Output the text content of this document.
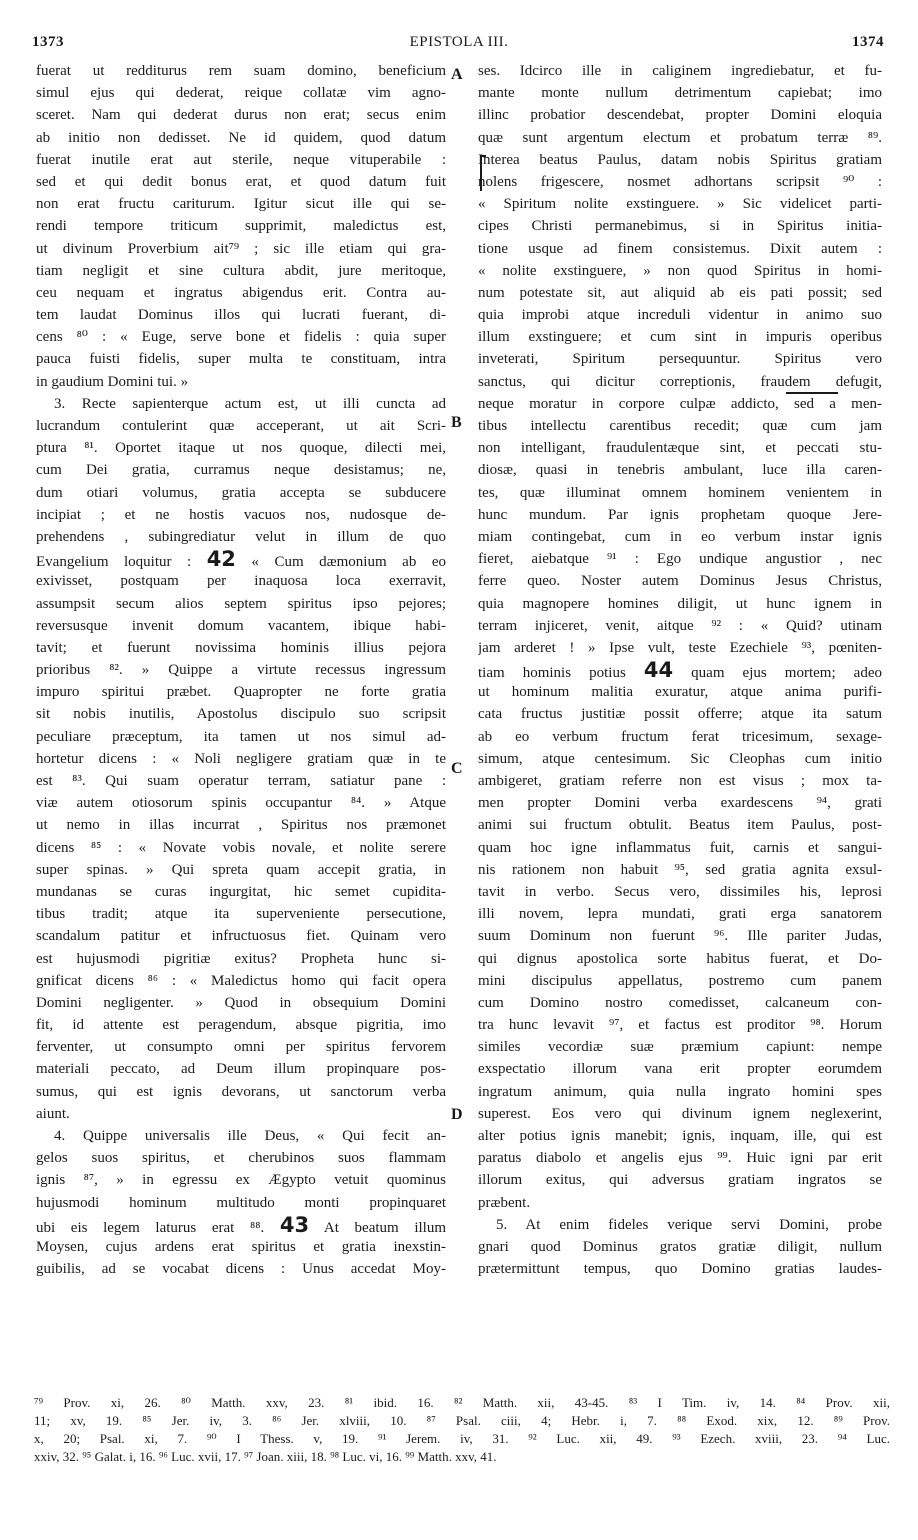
EPISTOLA III.
1373	1374
fuerat ut redditurus rem suam domino, beneficium
simul ejus qui dederat, reique collatæ vim agno-
sceret. Nam qui dederat durus non erat; secus enim
ab initio non dedisset. Ne id quidem, quod datum
fuerat inutile erat aut sterile, neque vituperabile :
sed et qui dedit bonus erat, et quod datum fuit
non erat fructu cariturum. Igitur sicut ille qui se-
rendi tempore triticum supprimit, maledictus est,
ut divinum Proverbium ait⁷⁹ ; sic ille etiam qui gra-
tiam negligit et sine cultura abdit, jure meritoque,
ceu nequam et ingratus abigendus erit. Contra au-
tem laudat Dominus illos qui lucrati fuerant, di-
cens ⁸⁰ : « Euge, serve bone et fidelis : quia super
pauca fuisti fidelis, super multa te constituam, intra
in gaudium Domini tui. »
3. Recte sapienterque actum est, ut illi cuncta ad
lucrandum contulerint quæ acceperant, ut ait Scri-
ptura ⁸¹. Oportet itaque ut nos quoque, dilecti mei,
cum Dei gratia, curramus neque desistamus; ne,
dum otiari volumus, gratia accepta se subducere
incipiat ; et ne hostis vacuos nos, nudosque de-
prehendens , subingrediatur velut in illum de quo
Evangelium loquitur : 42 « Cum dæmonium ab eo
exivisset, postquam per inaquosa loca exerravit,
assumpsit secum alios septem spiritus ipso pejores;
reversusque invenit domum vacantem, ibique habi-
tavit; et fuerunt novissima hominis illius pejora
prioribus ⁸². » Quippe a virtute recessus ingressum
impuro spiritui præbet. Quapropter ne forte gratia
sit nobis inutilis, Apostolus discipulo suo scripsit
peculiare præceptum, ita tamen ut nos simul ad-
hortetur dicens : « Noli negligere gratiam quæ in te
est ⁸³. Qui suam operatur terram, satiatur pane :
viæ autem otiosorum spinis occupantur ⁸⁴. » Atque
ut nemo in illas incurrat , Spiritus nos præmonet
dicens ⁸⁵ : « Novate vobis novale, et nolite serere
super spinas. » Qui spreta quam accepit gratia, in
mundanas se curas ingurgitat, hic semet cupidita-
tibus tradit; atque ita superveniente persecutione,
scandalum patitur et infructuosus fiet. Quinam vero
est hujusmodi pigritiæ exitus? Propheta hunc si-
gnificat dicens ⁸⁶ : « Maledictus homo qui facit opera
Domini negligenter. » Quod in obsequium Domini
fit, id attente est peragendum, absque pigritia, imo
ferventer, ut consumpto omni per spiritus fervorem
materiali peccato, ad Deum illum propinquare pos-
sumus, qui est ignis devorans, ut sanctorum verba
aiunt.
4. Quippe universalis ille Deus, « Qui fecit an-
gelos suos spiritus, et cherubinos suos flammam
ignis ⁸⁷, » in egressu ex Ægypto vetuit quominus
hujusmodi hominum multitudo monti propinquaret
ubi eis legem laturus erat ⁸⁸. 43 At beatum illum
Moysen, cujus ardens erat spiritus et gratia inexstin-
guibilis, ad se vocabat dicens : Unus accedat Moy-
ses. Idcirco ille in caliginem ingrediebatur, et fu-
mante monte nullum detrimentum capiebat; imo
illinc probatior descendebat, propter Domini eloquia
quæ sunt argentum electum et probatum terræ ⁸⁹.
Interea beatus Paulus, datam nobis Spiritus gratiam
nolens frigescere, nosmet adhortans scripsit ⁹⁰ :
« Spiritum nolite exstinguere. » Sic videlicet parti-
cipes Christi permanebimus, si in Spiritus initia-
tione usque ad finem consistemus. Dixit autem :
« nolite exstinguere, » non quod Spiritus in homi-
num potestate sit, aut aliquid ab eis pati possit; sed
quia improbi atque increduli videntur in animo suo
illum exstinguere; et cum sint in impuris operibus
inveterati, Spiritum persequuntur. Spiritus vero
sanctus, qui dicitur correptionis, fraudem defugit,
neque moratur in corpore culpæ addicto, sed a men-
tibus intellectu carentibus recedit; quæ cum jam
non intelligant, fraudulentæque sint, et peccati stu-
diosæ, quasi in tenebris ambulant, luce illa caren-
tes, quæ illuminat omnem hominem venientem in
hunc mundum. Par ignis prophetam quoque Jere-
miam contingebat, cum in eo verbum instar ignis
fieret, aiebatque ⁹¹ : Ego undique angustior , nec
ferre queo. Noster autem Dominus Jesus Christus,
quia magnopere homines diligit, ut hunc ignem in
terram injiceret, venit, aitque ⁹² : « Quid? utinam
jam arderet ! » Ipse vult, teste Ezechiele ⁹³, pœniten-
tiam hominis potius 44 quam ejus mortem; adeo
ut hominum malitia exuratur, atque anima purifi-
cata fructus justitiæ possit offerre; atque ita satum
ab eo verbum fructum ferat tricesimum, sexage-
simum, atque centesimum. Sic Cleophas cum initio
ambigeret, gratiam referre non est visus ; mox ta-
men propter Domini verba exardescens ⁹⁴, grati
animi sui fructum obtulit. Beatus item Paulus, post-
quam hoc igne inflammatus fuit, carnis et sangui-
nis rationem non habuit ⁹⁵, sed gratia agnita exsul-
tavit in verbo. Secus vero, dissimiles his, leprosi
illi novem, lepra mundati, grati erga sanatorem
suum Dominum non fuerunt ⁹⁶. Ille pariter Judas,
qui dignus apostolica sorte habitus fuerat, et Do-
mini discipulus appellatus, postremo cum panem
cum Domino nostro comedisset, calcaneum con-
tra hunc levavit ⁹⁷, et factus est proditor ⁹⁸. Horum
similes vecordiæ suæ præmium capiunt: nempe
exspectatio illorum vana erit propter eorumdem
ingratum animum, quia nulla ingrato homini spes
superest. Eos vero qui divinum ignem neglexerint,
alter potius ignis manebit; ignis, inquam, ille, qui est
paratus diabolo et angelis ejus ⁹⁹. Huic igni par erit
illorum exitus, qui adversus gratiam ingratos se
præbent.
5. At enim fideles verique servi Domini, probe
gnari quod Dominus gratos gratiæ diligit, nullum
prætermittunt tempus, quo Domino gratias laudes-
A
B
C
D
⁷⁹ Prov. xi, 26. ⁸⁰ Matth. xxv, 23. ⁸¹ ibid. 16. ⁸² Matth. xii, 43-45. ⁸³ I Tim. iv, 14. ⁸⁴ Prov. xii,
11; xv, 19. ⁸⁵ Jer. iv, 3. ⁸⁶ Jer. xlviii, 10. ⁸⁷ Psal. ciii, 4; Hebr. i, 7. ⁸⁸ Exod. xix, 12. ⁸⁹ Prov.
x, 20; Psal. xi, 7. ⁹⁰ I Thess. v, 19. ⁹¹ Jerem. iv, 31. ⁹² Luc. xii, 49. ⁹³ Ezech. xviii, 23. ⁹⁴ Luc.
xxiv, 32. ⁹⁵ Galat. i, 16. ⁹⁶ Luc. xvii, 17. ⁹⁷ Joan. xiii, 18. ⁹⁸ Luc. vi, 16. ⁹⁹ Matth. xxv, 41.
